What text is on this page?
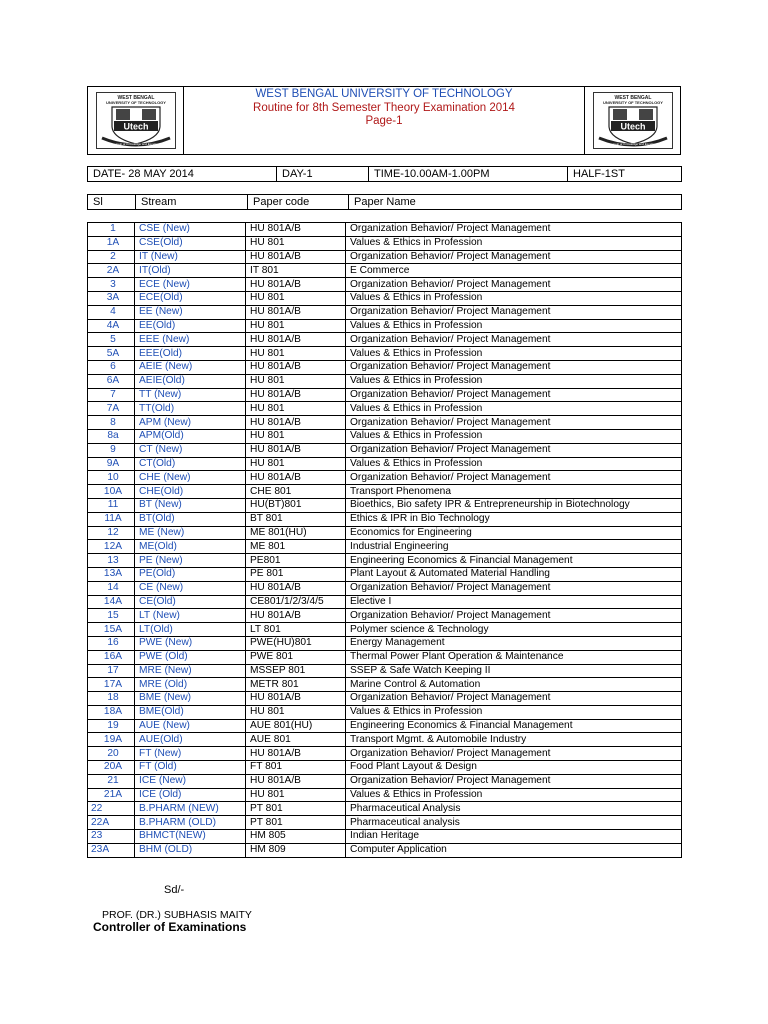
WEST BENGAL
UNIVERSITY OF TECHNOLOGY
Utech
In pursuit of Knowledge and Excellence
WEST BENGAL UNIVERSITY OF TECHNOLOGY
Routine for 8th Semester Theory Examination 2014
Page-1
WEST BENGAL
UNIVERSITY OF TECHNOLOGY
Utech
In pursuit of Knowledge and Excellence
DATE- 28 MAY 2014	DAY-1	TIME-10.00AM-1.00PM	HALF-1ST
Sl	Stream	Paper code	Paper Name
1	CSE (New)	HU 801A/B	Organization Behavior/ Project Management
1A	CSE(Old)	HU 801	Values & Ethics in Profession
2	IT (New)	HU 801A/B	Organization Behavior/ Project Management
2A	IT(Old)	IT 801	E Commerce
3	ECE (New)	HU 801A/B	Organization Behavior/ Project Management
3A	ECE(Old)	HU 801	Values & Ethics in Profession
4	EE (New)	HU 801A/B	Organization Behavior/ Project Management
4A	EE(Old)	HU 801	Values & Ethics in Profession
5	EEE (New)	HU 801A/B	Organization Behavior/ Project Management
5A	EEE(Old)	HU 801	Values & Ethics in Profession
6	AEIE (New)	HU 801A/B	Organization Behavior/ Project Management
6A	AEIE(Old)	HU 801	Values & Ethics in Profession
7	TT (New)	HU 801A/B	Organization Behavior/ Project Management
7A	TT(Old)	HU 801	Values & Ethics in Profession
8	APM (New)	HU 801A/B	Organization Behavior/ Project Management
8a	APM(Old)	HU 801	Values & Ethics in Profession
9	CT (New)	HU 801A/B	Organization Behavior/ Project Management
9A	CT(Old)	HU 801	Values & Ethics in Profession
10	CHE (New)	HU 801A/B	Organization Behavior/ Project Management
10A	CHE(Old)	CHE 801	Transport Phenomena
11	BT (New)	HU(BT)801	Bioethics, Bio safety IPR & Entrepreneurship in Biotechnology
11A	BT(Old)	BT 801	Ethics & IPR in Bio Technology
12	ME (New)	ME 801(HU)	Economics for Engineering
12A	ME(Old)	ME 801	Industrial Engineering
13	PE (New)	PE801	Engineering Economics & Financial Management
13A	PE(Old)	PE 801	Plant Layout & Automated Material Handling
14	CE (New)	HU 801A/B	Organization Behavior/ Project Management
14A	CE(Old)	CE801/1/2/3/4/5	Elective I
15	LT (New)	HU 801A/B	Organization Behavior/ Project Management
15A	LT(Old)	LT 801	Polymer science & Technology
16	PWE (New)	PWE(HU)801	Energy Management
16A	PWE (Old)	PWE 801	Thermal Power Plant Operation & Maintenance
17	MRE (New)	MSSEP 801	SSEP & Safe Watch Keeping II
17A	MRE (Old)	METR 801	Marine Control & Automation
18	BME (New)	HU 801A/B	Organization Behavior/ Project Management
18A	BME(Old)	HU 801	Values & Ethics in Profession
19	AUE (New)	AUE 801(HU)	Engineering Economics & Financial Management
19A	AUE(Old)	AUE 801	Transport Mgmt. & Automobile Industry
20	FT (New)	HU 801A/B	Organization Behavior/ Project Management
20A	FT (Old)	FT 801	Food Plant Layout & Design
21	ICE (New)	HU 801A/B	Organization Behavior/ Project Management
21A	ICE (Old)	HU 801	Values & Ethics in Profession
22	B.PHARM (NEW)	PT 801	Pharmaceutical Analysis
22A	B.PHARM (OLD)	PT 801	Pharmaceutical analysis
23	BHMCT(NEW)	HM 805	Indian Heritage
23A	BHM (OLD)	HM 809	Computer Application
Sd/-
PROF. (DR.) SUBHASIS MAITY
Controller of Examinations
